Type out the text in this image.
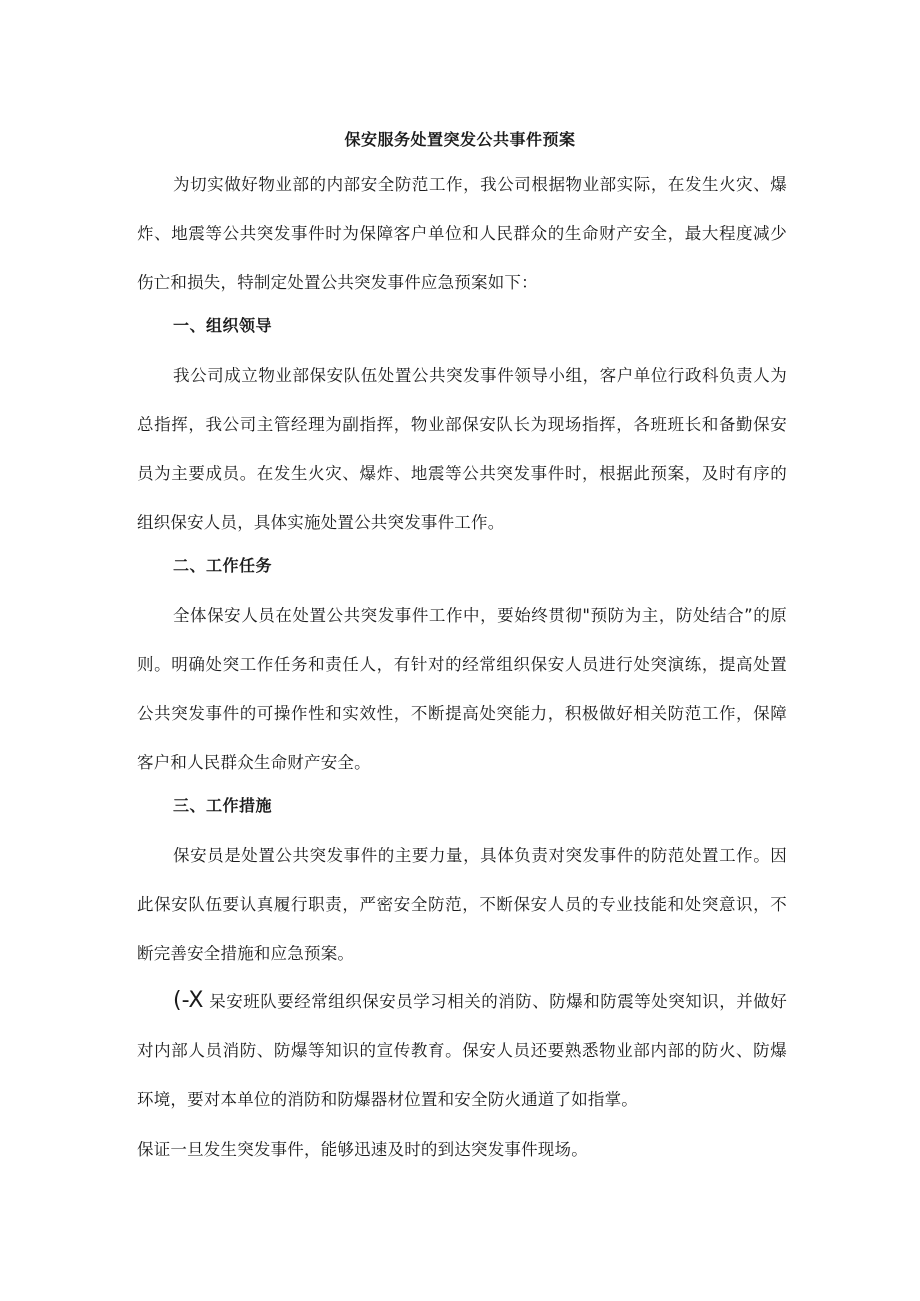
保安服务处置突发公共事件预案

为切实做好物业部的内部安全防范工作，我公司根据物业部实际，在发生火灾、爆炸、地震等公共突发事件时为保障客户单位和人民群众的生命财产安全，最大程度减少伤亡和损失，特制定处置公共突发事件应急预案如下：

一、组织领导

我公司成立物业部保安队伍处置公共突发事件领导小组，客户单位行政科负责人为总指挥，我公司主管经理为副指挥，物业部保安队长为现场指挥，各班班长和备勤保安员为主要成员。在发生火灾、爆炸、地震等公共突发事件时，根据此预案，及时有序的组织保安人员，具体实施处置公共突发事件工作。

二、工作任务

全体保安人员在处置公共突发事件工作中，要始终贯彻"预防为主，防处结合”的原则。明确处突工作任务和责任人，有针对的经常组织保安人员进行处突演练，提高处置公共突发事件的可操作性和实效性，不断提高处突能力，积极做好相关防范工作，保障客户和人民群众生命财产安全。

三、工作措施

保安员是处置公共突发事件的主要力量，具体负责对突发事件的防范处置工作。因此保安队伍要认真履行职责，严密安全防范，不断保安人员的专业技能和处突意识，不断完善安全措施和应急预案。

(-X 呆安班队要经常组织保安员学习相关的消防、防爆和防震等处突知识，并做好对内部人员消防、防爆等知识的宣传教育。保安人员还要熟悉物业部内部的防火、防爆环境，要对本单位的消防和防爆器材位置和安全防火通道了如指掌。

保证一旦发生突发事件，能够迅速及时的到达突发事件现场。
